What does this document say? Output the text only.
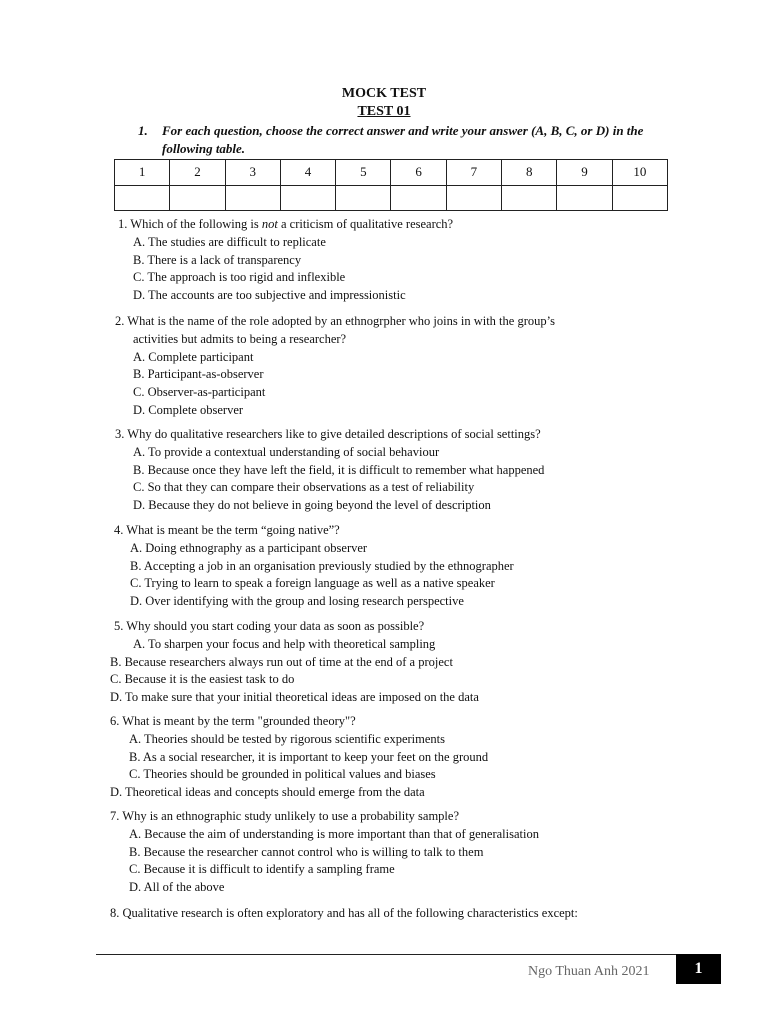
MOCK TEST
TEST 01
1. For each question, choose the correct answer and write your answer (A, B, C, or D) in the following table.
1	2	3	4	5	6	7	8	9	10

1. Which of the following is not a criticism of qualitative research?
A. The studies are difficult to replicate
B. There is a lack of transparency
C. The approach is too rigid and inflexible
D. The accounts are too subjective and impressionistic
2. What is the name of the role adopted by an ethnogrpher who joins in with the group’s
activities but admits to being a researcher?
A. Complete participant
B. Participant-as-observer
C. Observer-as-participant
D. Complete observer
3. Why do qualitative researchers like to give detailed descriptions of social settings?
A. To provide a contextual understanding of social behaviour
B. Because once they have left the field, it is difficult to remember what happened
C. So that they can compare their observations as a test of reliability
D. Because they do not believe in going beyond the level of description
4. What is meant be the term “going native”?
A. Doing ethnography as a participant observer
B. Accepting a job in an organisation previously studied by the ethnographer
C. Trying to learn to speak a foreign language as well as a native speaker
D. Over identifying with the group and losing research perspective
5. Why should you start coding your data as soon as possible?
A. To sharpen your focus and help with theoretical sampling
B. Because researchers always run out of time at the end of a project
C. Because it is the easiest task to do
D. To make sure that your initial theoretical ideas are imposed on the data
6. What is meant by the term "grounded theory"?
A. Theories should be tested by rigorous scientific experiments
B. As a social researcher, it is important to keep your feet on the ground
C. Theories should be grounded in political values and biases
D. Theoretical ideas and concepts should emerge from the data
7. Why is an ethnographic study unlikely to use a probability sample?
A. Because the aim of understanding is more important than that of generalisation
B. Because the researcher cannot control who is willing to talk to them
C. Because it is difficult to identify a sampling frame
D. All of the above
8. Qualitative research is often exploratory and has all of the following characteristics except:
Ngo Thuan Anh 2021	1
